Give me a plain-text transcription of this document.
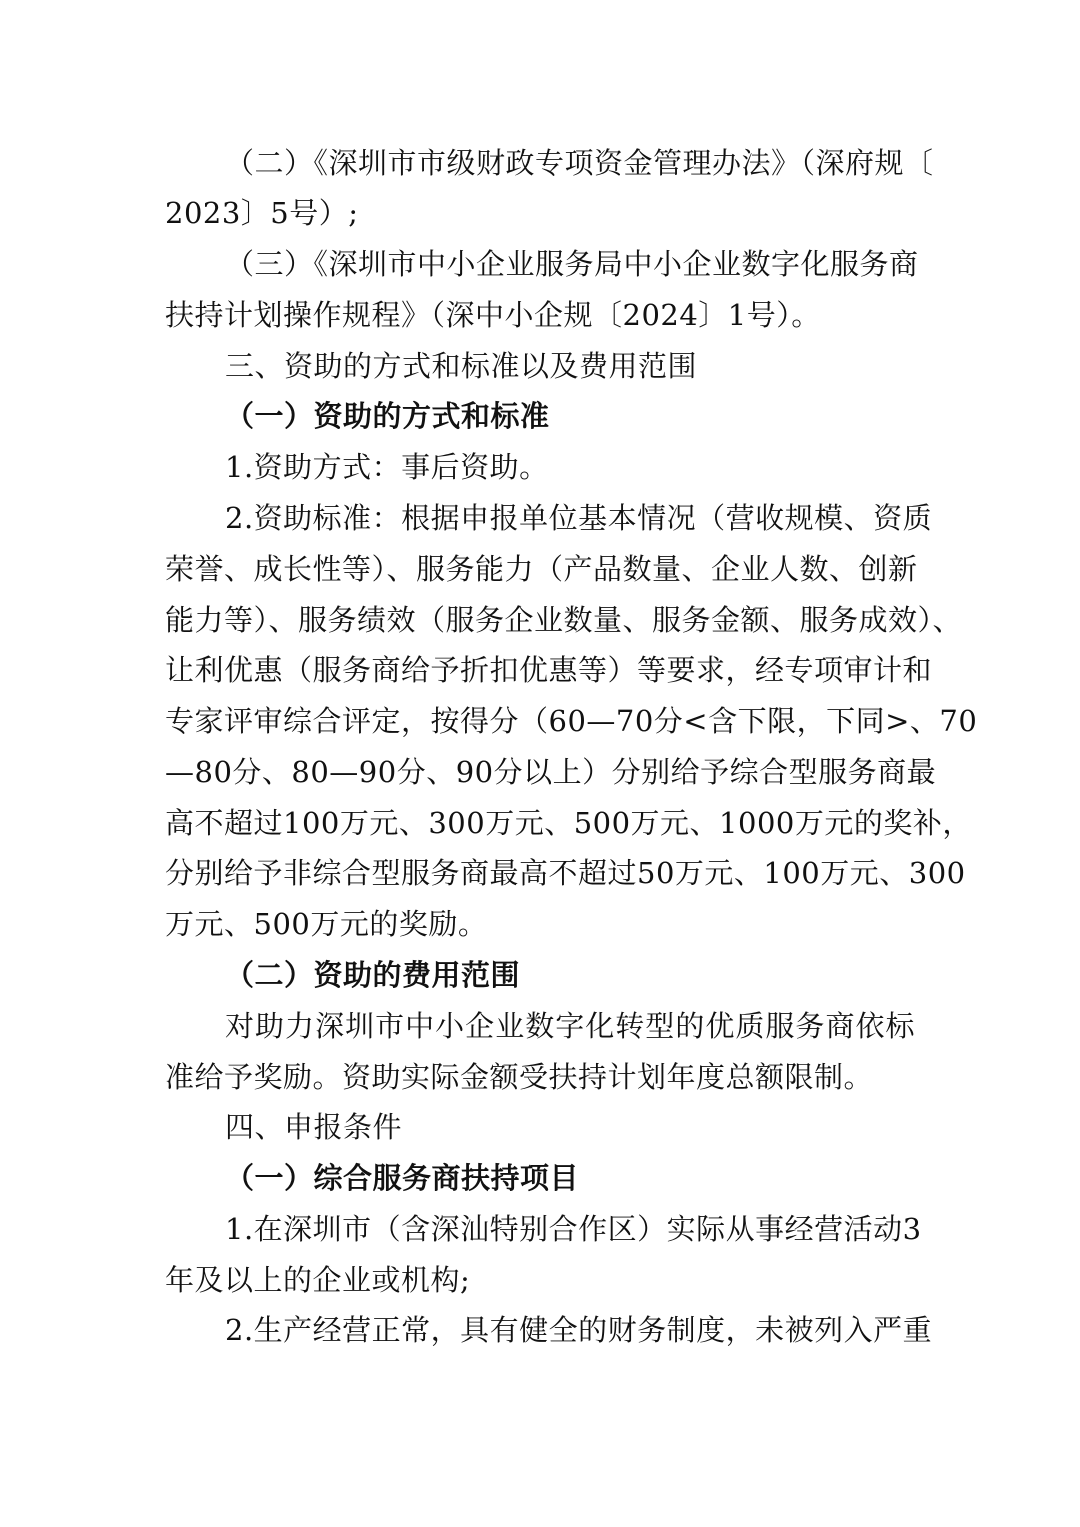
（二）《深圳市市级财政专项资金管理办法》（深府规〔
2023〕5号）;
（三）《深圳市中小企业服务局中小企业数字化服务商
扶持计划操作规程》（深中小企规〔2024〕1号）。
三、资助的方式和标准以及费用范围
（一）资助的方式和标准
1.资助方式：事后资助。
2.资助标准：根据申报单位基本情况（营收规模、资质
荣誉、成长性等）、服务能力（产品数量、企业人数、创新
能力等）、服务绩效（服务企业数量、服务金额、服务成效）、
让利优惠（服务商给予折扣优惠等）等要求，经专项审计和
专家评审综合评定，按得分（60—70分<含下限，下同>、70
—80分、80—90分、90分以上）分别给予综合型服务商最
高不超过100万元、300万元、500万元、1000万元的奖补，
分别给予非综合型服务商最高不超过50万元、100万元、300
万元、500万元的奖励。
（二）资助的费用范围
对助力深圳市中小企业数字化转型的优质服务商依标
准给予奖励。资助实际金额受扶持计划年度总额限制。
四、申报条件
（一）综合服务商扶持项目
1.在深圳市（含深汕特别合作区）实际从事经营活动3
年及以上的企业或机构;
2.生产经营正常，具有健全的财务制度，未被列入严重
